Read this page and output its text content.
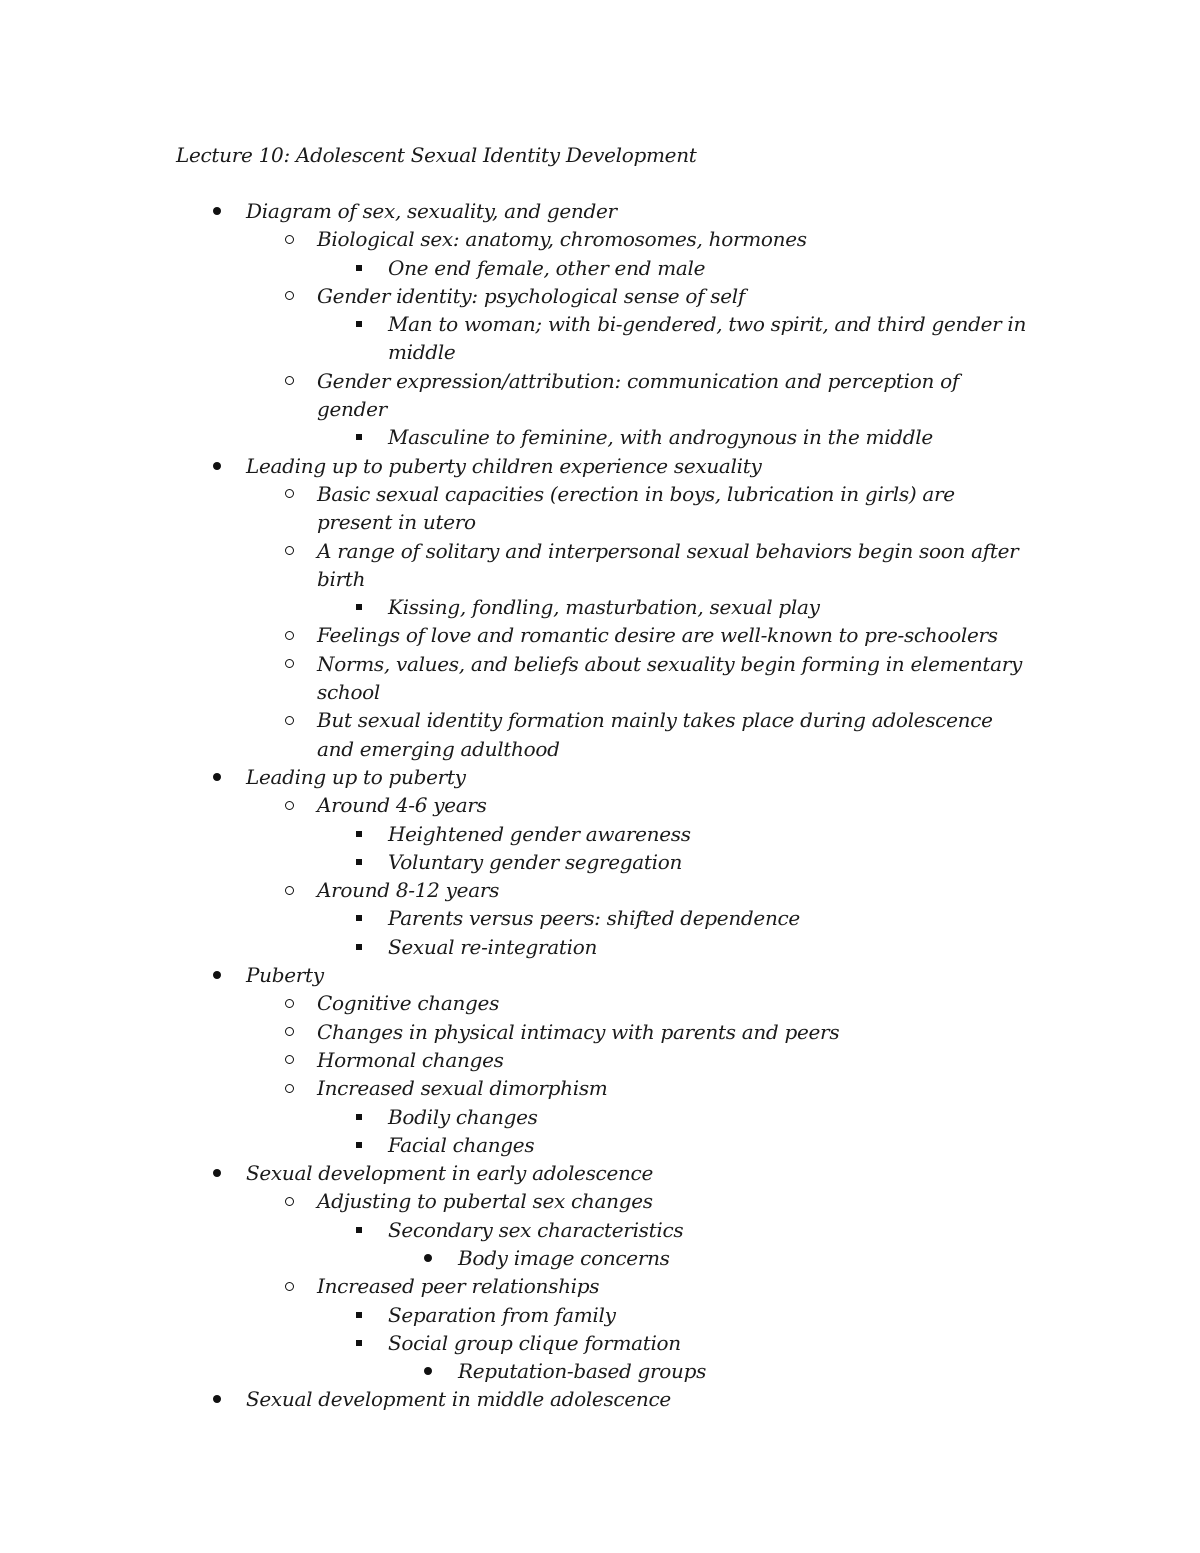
Lecture 10: Adolescent Sexual Identity Development
Diagram of sex, sexuality, and gender
Biological sex: anatomy, chromosomes, hormones
One end female, other end male
Gender identity: psychological sense of self
Man to woman; with bi-gendered, two spirit, and third gender in middle
Gender expression/attribution: communication and perception of gender
Masculine to feminine, with androgynous in the middle
Leading up to puberty children experience sexuality
Basic sexual capacities (erection in boys, lubrication in girls) are present in utero
A range of solitary and interpersonal sexual behaviors begin soon after birth
Kissing, fondling, masturbation, sexual play
Feelings of love and romantic desire are well-known to pre-schoolers
Norms, values, and beliefs about sexuality begin forming in elementary school
But sexual identity formation mainly takes place during adolescence and emerging adulthood
Leading up to puberty
Around 4-6 years
Heightened gender awareness
Voluntary gender segregation
Around 8-12 years
Parents versus peers: shifted dependence
Sexual re-integration
Puberty
Cognitive changes
Changes in physical intimacy with parents and peers
Hormonal changes
Increased sexual dimorphism
Bodily changes
Facial changes
Sexual development in early adolescence
Adjusting to pubertal sex changes
Secondary sex characteristics
Body image concerns
Increased peer relationships
Separation from family
Social group clique formation
Reputation-based groups
Sexual development in middle adolescence
